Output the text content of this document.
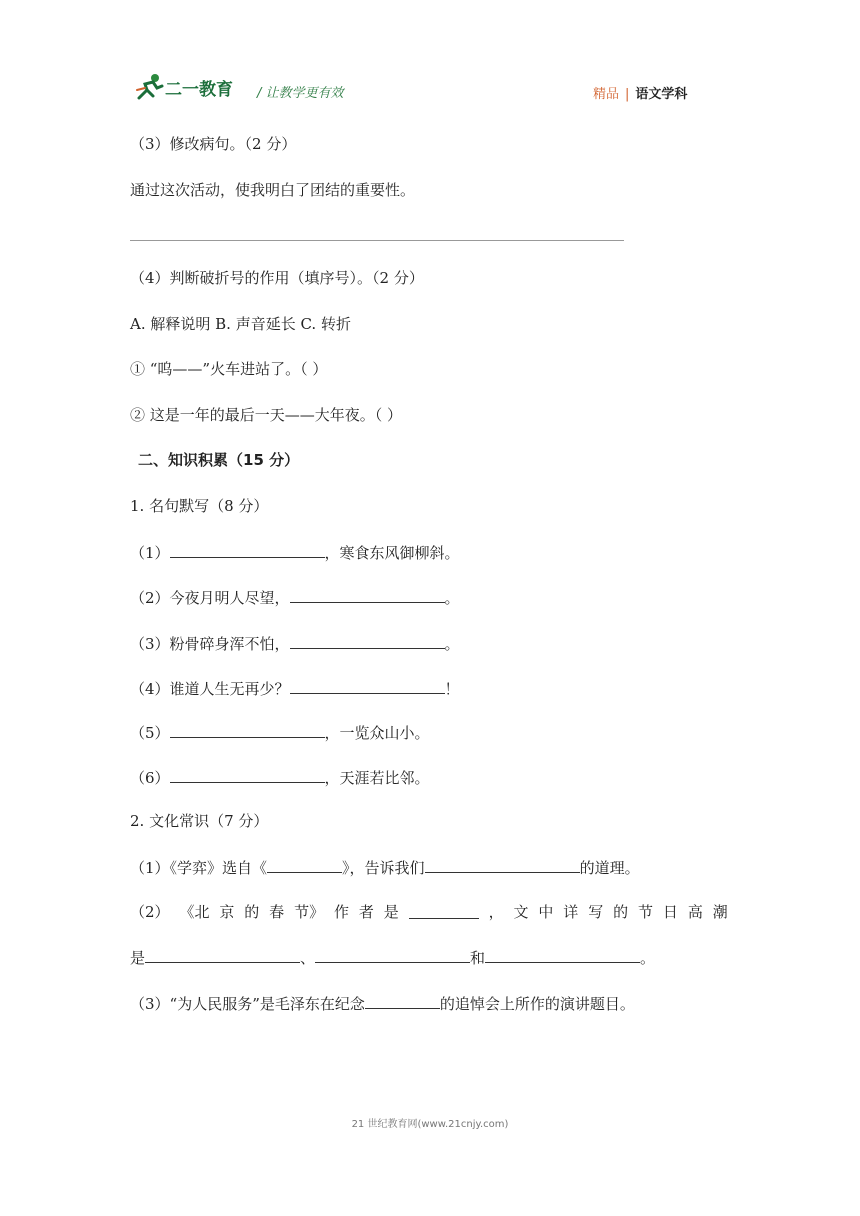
二一教育 / 让教学更有效	精品 | 语文学科
（3）修改病句。（2 分）
通过这次活动，使我明白了团结的重要性。
（4）判断破折号的作用（填序号）。（2 分）
A. 解释说明 B. 声音延长 C. 转折
① “呜——”火车进站了。（ ）
② 这是一年的最后一天——大年夜。（ ）
二、知识积累（15 分）
1. 名句默写（8 分）
（1）	，寒食东风御柳斜。
（2）今夜月明人尽望，	。
（3）粉骨碎身浑不怕，	。
（4）谁道人生无再少？	！
（5）	，一览众山小。
（6）	，天涯若比邻。
2. 文化常识（7 分）
（1）《学弈》选自《	》，告诉我们	的道理。
（2） 《北 京 的 春 节》 作 者 是	， 文 中 详 写 的 节 日 高 潮
是	、	和	。
（3）“为人民服务”是毛泽东在纪念	的追悼会上所作的演讲题目。
21 世纪教育网(www.21cnjy.com)
